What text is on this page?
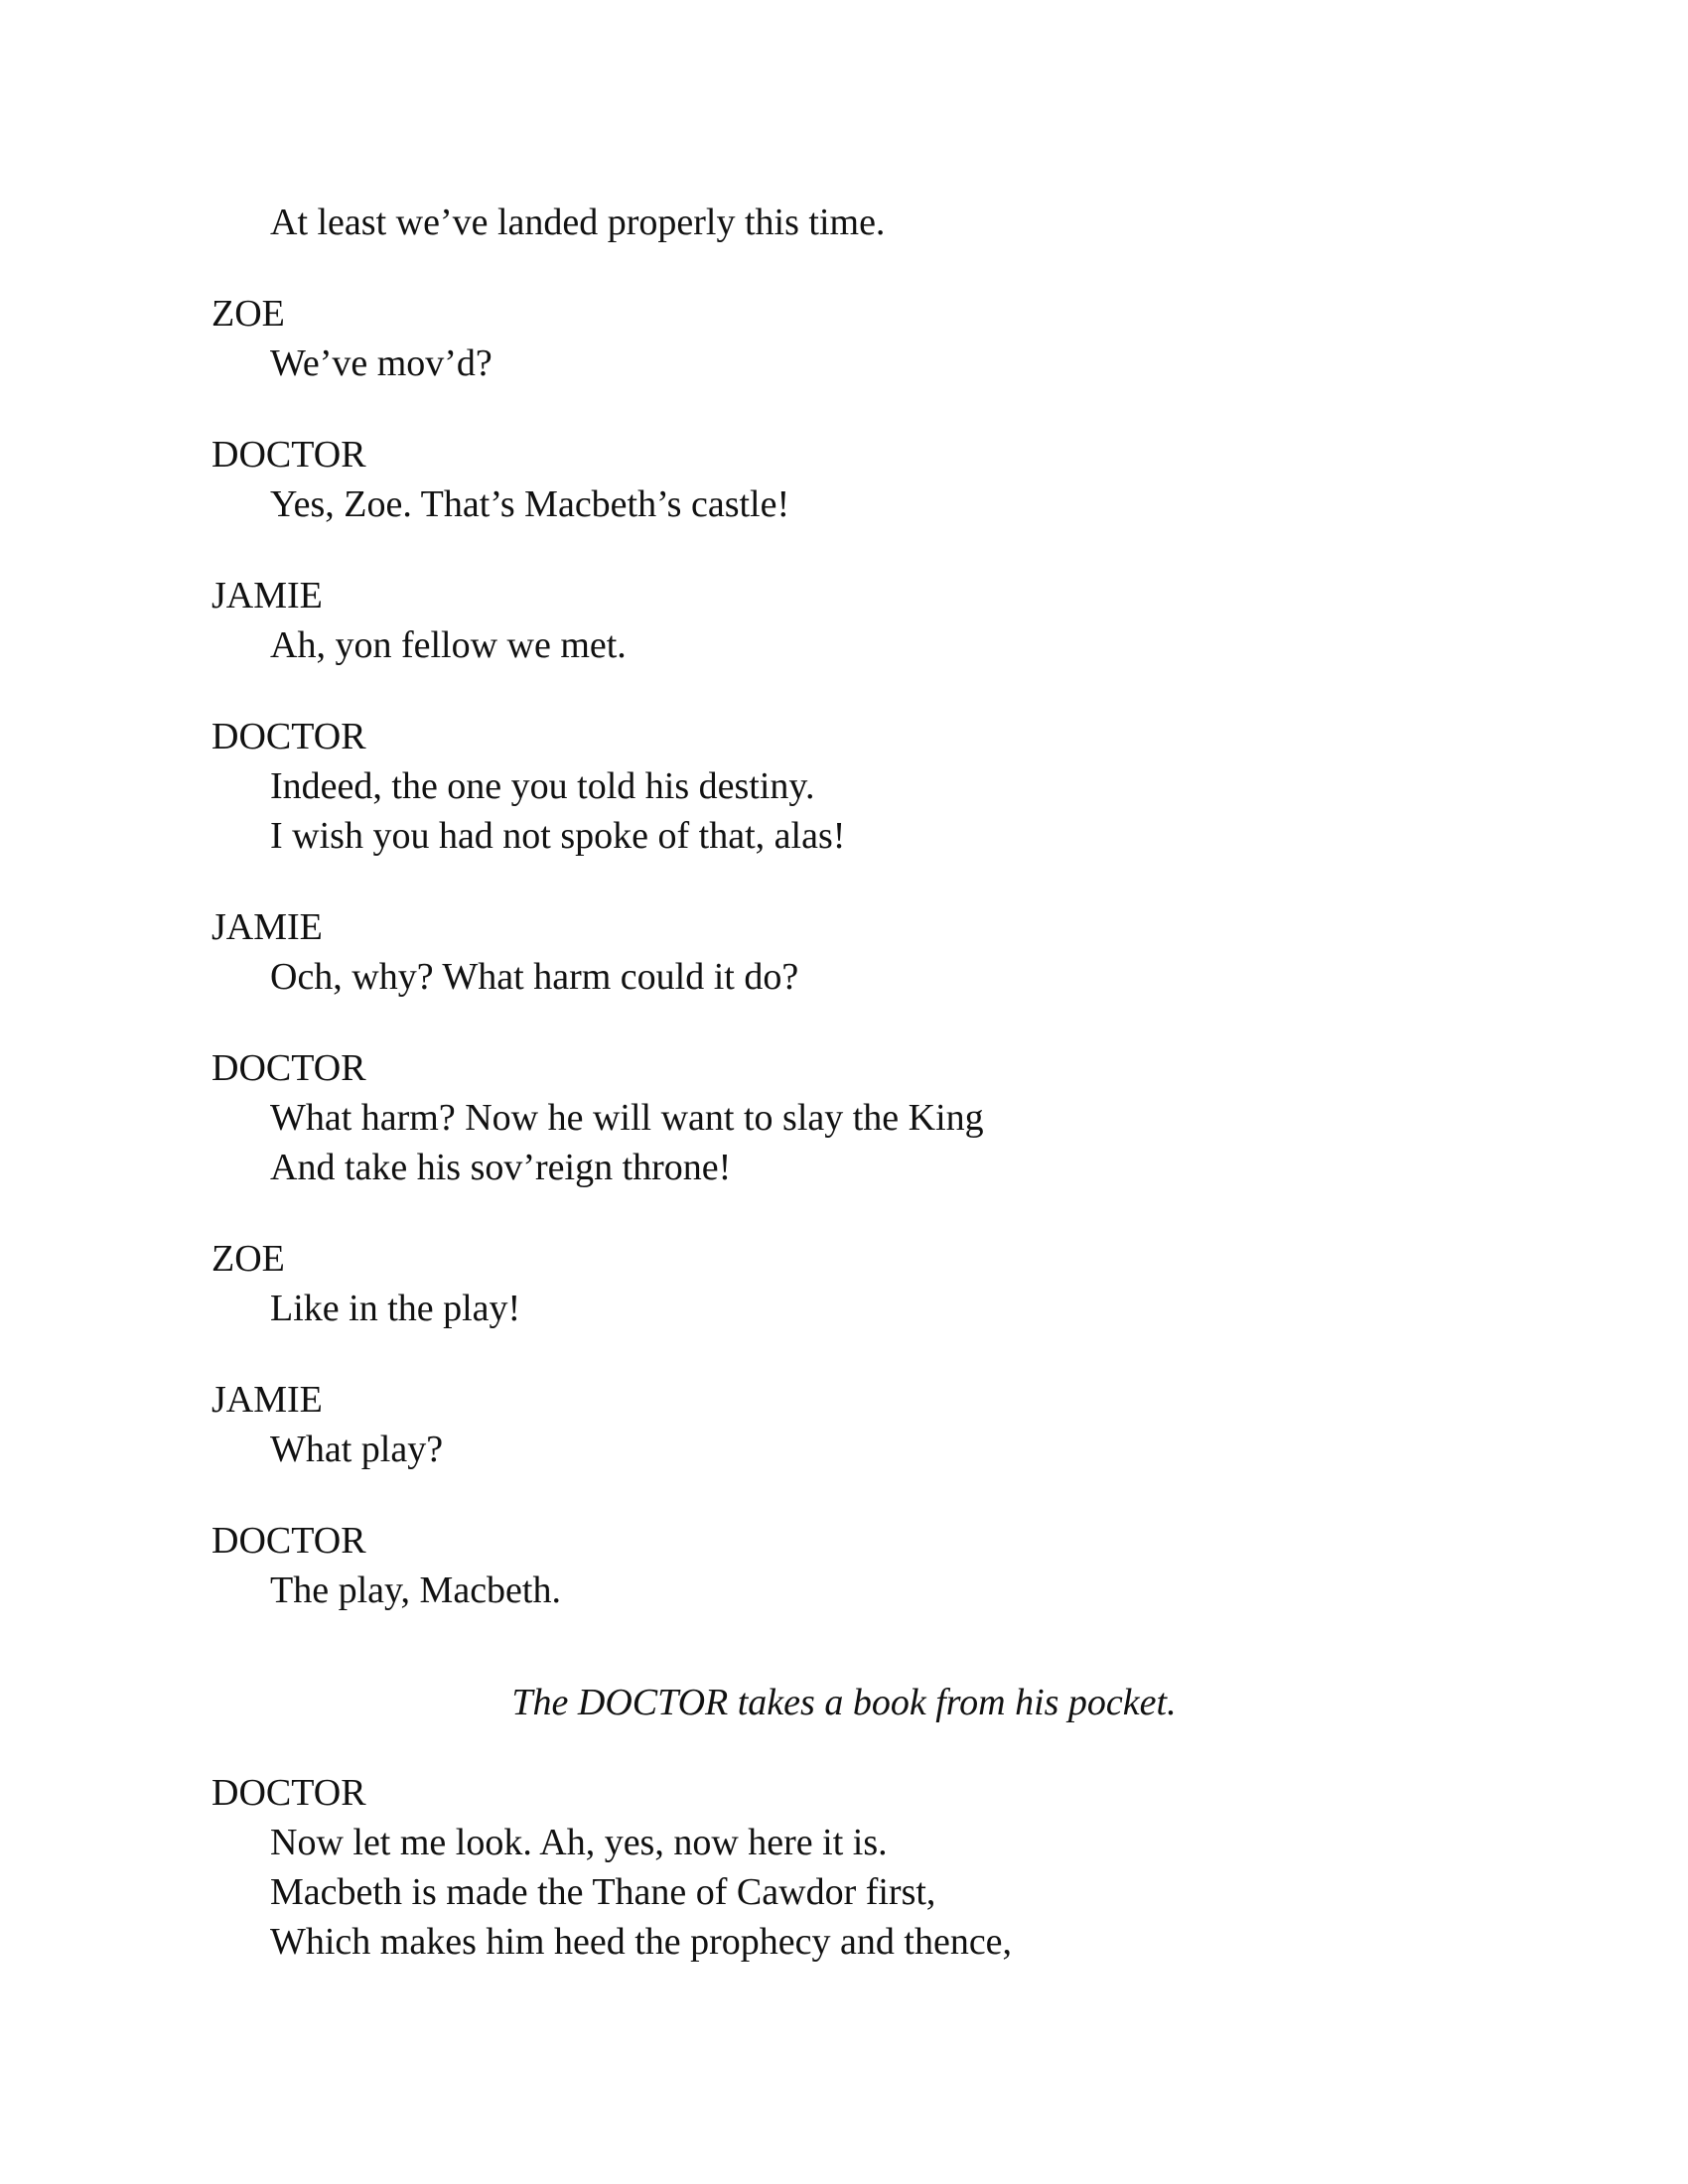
At least we’ve landed properly this time.

ZOE

We’ve mov’d?

DOCTOR

Yes, Zoe. That’s Macbeth’s castle!

JAMIE

Ah, yon fellow we met.

DOCTOR

Indeed, the one you told his destiny.

I wish you had not spoke of that, alas!

JAMIE

Och, why? What harm could it do?

DOCTOR

What harm? Now he will want to slay the King

And take his sov’reign throne!

ZOE

Like in the play!

JAMIE

What play?

DOCTOR

The play, Macbeth.

The DOCTOR takes a book from his pocket.

DOCTOR

Now let me look. Ah, yes, now here it is.

Macbeth is made the Thane of Cawdor first,

Which makes him heed the prophecy and thence,
